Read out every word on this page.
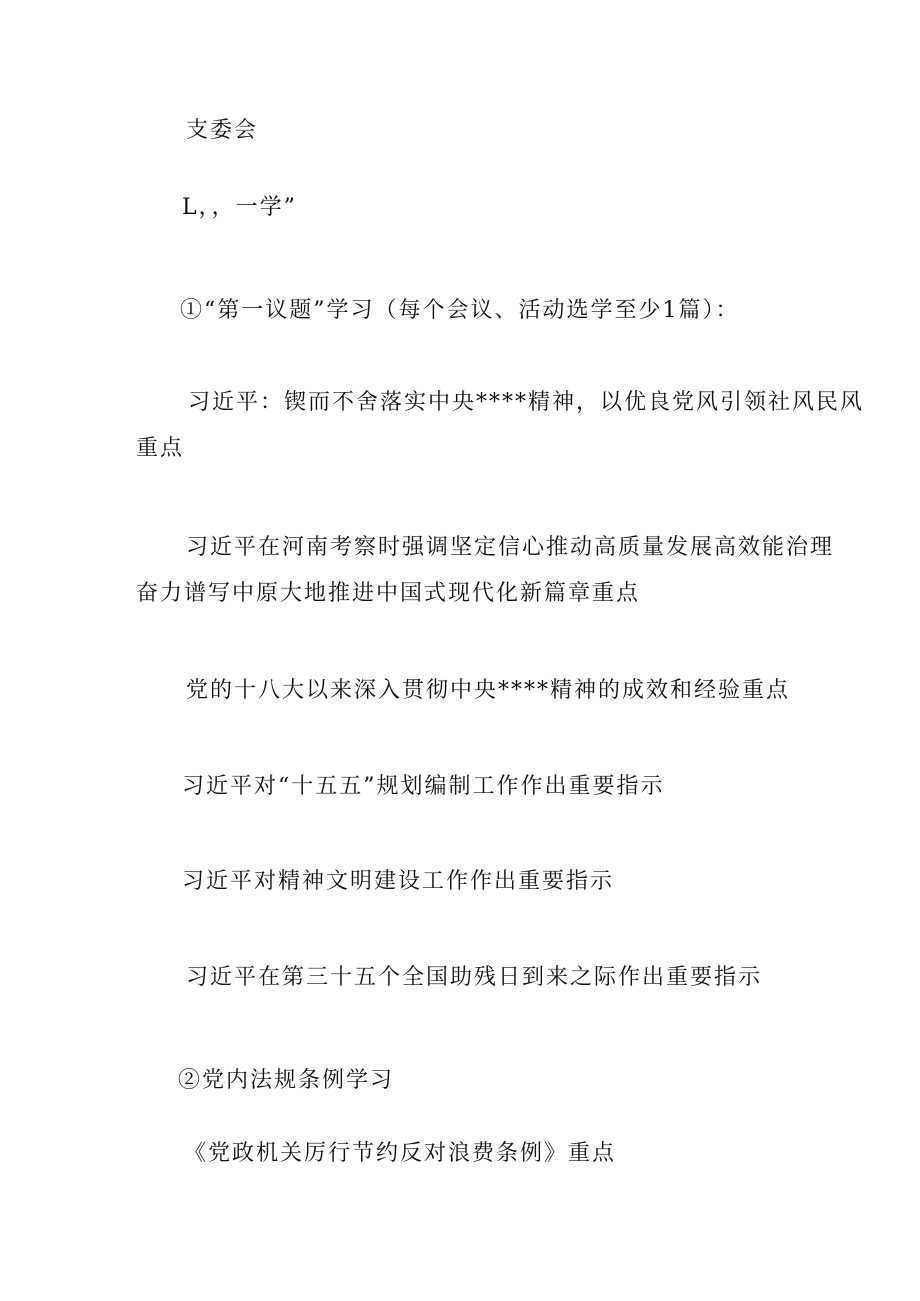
支委会
L，，一学”
①“第一议题”学习（每个会议、活动选学至少1篇）：
习近平：锲而不舍落实中央****精神，以优良党风引领社风民风
重点
习近平在河南考察时强调坚定信心推动高质量发展高效能治理
奋力谱写中原大地推进中国式现代化新篇章重点
党的十八大以来深入贯彻中央****精神的成效和经验重点
习近平对“十五五”规划编制工作作出重要指示
习近平对精神文明建设工作作出重要指示
习近平在第三十五个全国助残日到来之际作出重要指示
②党内法规条例学习
《党政机关厉行节约反对浪费条例》重点
